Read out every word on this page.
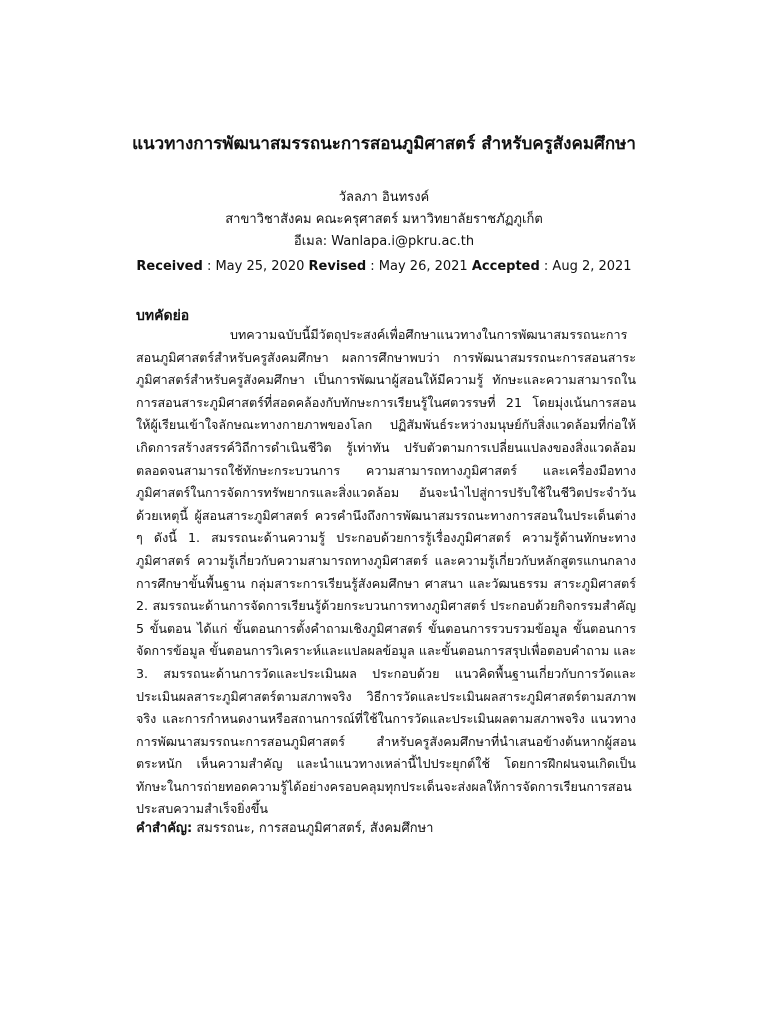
แนวทางการพัฒนาสมรรถนะการสอนภูมิศาสตร์ สำหรับครูสังคมศึกษา
วัลลภา อินทรงค์
สาขาวิชาสังคม คณะครุศาสตร์ มหาวิทยาลัยราชภัฏภูเก็ต
อีเมล: Wanlapa.i@pkru.ac.th
Received : May 25, 2020 Revised : May 26, 2021 Accepted : Aug 2, 2021
บทคัดย่อ

บทความฉบับนี้มีวัตถุประสงค์เพื่อศึกษาแนวทางในการพัฒนาสมรรถนะการสอนภูมิศาสตร์สำหรับครูสังคมศึกษา ผลการศึกษาพบว่า การพัฒนาสมรรถนะการสอนสาระภูมิศาสตร์สำหรับครูสังคมศึกษา เป็นการพัฒนาผู้สอนให้มีความรู้ ทักษะและความสามารถในการสอนสาระภูมิศาสตร์ที่สอดคล้องกับทักษะการเรียนรู้ในศตวรรษที่ 21 โดยมุ่งเน้นการสอนให้ผู้เรียนเข้าใจลักษณะทางกายภาพของโลก ปฏิสัมพันธ์ระหว่างมนุษย์กับสิ่งแวดล้อมที่ก่อให้เกิดการสร้างสรรค์วิถีการดำเนินชีวิต รู้เท่าทัน ปรับตัวตามการเปลี่ยนแปลงของสิ่งแวดล้อม ตลอดจนสามารถใช้ทักษะกระบวนการ ความสามารถทางภูมิศาสตร์ และเครื่องมือทางภูมิศาสตร์ในการจัดการทรัพยากรและสิ่งแวดล้อม อันจะนำไปสู่การปรับใช้ในชีวิตประจำวัน ด้วยเหตุนี้ ผู้สอนสาระภูมิศาสตร์ ควรคำนึงถึงการพัฒนาสมรรถนะทางการสอนในประเด็นต่าง ๆ ดังนี้ 1. สมรรถนะด้านความรู้ ประกอบด้วยการรู้เรื่องภูมิศาสตร์ ความรู้ด้านทักษะทางภูมิศาสตร์ ความรู้เกี่ยวกับความสามารถทางภูมิศาสตร์ และความรู้เกี่ยวกับหลักสูตรแกนกลางการศึกษาขั้นพื้นฐาน กลุ่มสาระการเรียนรู้สังคมศึกษา ศาสนา และวัฒนธรรม สาระภูมิศาสตร์ 2. สมรรถนะด้านการจัดการเรียนรู้ด้วยกระบวนการทางภูมิศาสตร์ ประกอบด้วยกิจกรรมสำคัญ 5 ขั้นตอน ได้แก่ ขั้นตอนการตั้งคำถามเชิงภูมิศาสตร์ ขั้นตอนการรวบรวมข้อมูล ขั้นตอนการจัดการข้อมูล ขั้นตอนการวิเคราะห์และแปลผลข้อมูล และขั้นตอนการสรุปเพื่อตอบคำถาม และ 3. สมรรถนะด้านการวัดและประเมินผล ประกอบด้วย แนวคิดพื้นฐานเกี่ยวกับการวัดและประเมินผลสาระภูมิศาสตร์ตามสภาพจริง วิธีการวัดและประเมินผลสาระภูมิศาสตร์ตามสภาพจริง และการกำหนดงานหรือสถานการณ์ที่ใช้ในการวัดและประเมินผลตามสภาพจริง แนวทางการพัฒนาสมรรถนะการสอนภูมิศาสตร์ สำหรับครูสังคมศึกษาที่นำเสนอข้างต้นหากผู้สอนตระหนัก เห็นความสำคัญ และนำแนวทางเหล่านี้ไปประยุกต์ใช้ โดยการฝึกฝนจนเกิดเป็นทักษะในการถ่ายทอดความรู้ได้อย่างครอบคลุมทุกประเด็นจะส่งผลให้การจัดการเรียนการสอนประสบความสำเร็จยิ่งขึ้น

คำสำคัญ: สมรรถนะ, การสอนภูมิศาสตร์, สังคมศึกษา
